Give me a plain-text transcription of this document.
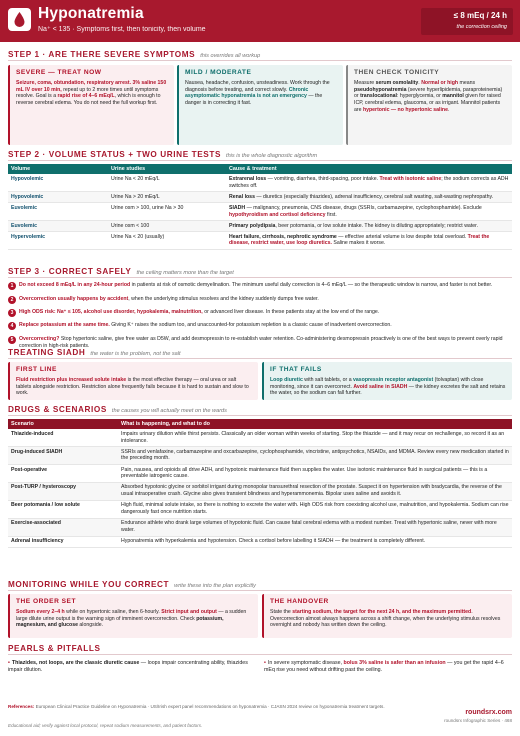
Hyponatremia
Na⁺ < 135 · Symptoms first, then tonicity, then volume
≤ 8 mEq / 24 h
the correction ceiling
STEP 1 · ARE THERE SEVERE SYMPTOMS this overrides all workup
SEVERE — TREAT NOW
Seizure, coma, obtundation, respiratory arrest. 3% saline 150 mL IV over 10 min, repeat up to 2 more times until symptoms resolve. Goal is a rapid rise of 4–6 mEq/L, which is enough to reverse cerebral edema. You do not need the full workup first.
MILD / MODERATE
Nausea, headache, confusion, unsteadiness. Work through the diagnosis before treating, and correct slowly. Chronic asymptomatic hyponatremia is not an emergency — the danger is in correcting it fast.
THEN CHECK TONICITY
Measure serum osmolality. Normal or high means pseudohyponatremia (severe hyperlipidemia, paraproteinemia) or translocational: hyperglycemia, or mannitol given for raised ICP, cerebral edema, glaucoma, or as irrigant. Mannitol patients are hypertonic — no hypertonic saline.
STEP 2 · VOLUME STATUS + TWO URINE TESTS this is the whole diagnostic algorithm
Volume	Urine studies	Cause & treatment
Hypovolemic	Urine Na < 20 mEq/L	Extrarenal loss — vomiting, diarrhea, third-spacing, poor intake. Treat with isotonic saline; the sodium corrects as ADH switches off.
Hypovolemic	Urine Na > 20 mEq/L	Renal loss — diuretics (especially thiazides), adrenal insufficiency, cerebral salt wasting, salt-wasting nephropathy.
Euvolemic	Urine osm > 100, urine Na > 30	SIADH — malignancy, pneumonia, CNS disease, drugs (SSRIs, carbamazepine, cyclophosphamide). Exclude hypothyroidism and cortisol deficiency first.
Euvolemic	Urine osm < 100	Primary polydipsia, beer potomania, or low solute intake. The kidney is diluting appropriately; restrict water.
Hypervolemic	Urine Na < 20 (usually)	Heart failure, cirrhosis, nephrotic syndrome — effective arterial volume is low despite total overload. Treat the disease, restrict water, use loop diuretics. Saline makes it worse.
STEP 3 · CORRECT SAFELY the ceiling matters more than the target
1	Do not exceed 8 mEq/L in any 24-hour period in patients at risk of osmotic demyelination. The minimum useful daily correction is 4–6 mEq/L — so the therapeutic window is narrow, and faster is not better.
2	Overcorrection usually happens by accident, when the underlying stimulus resolves and the kidney suddenly dumps free water.
3	High ODS risk: Na⁺ ≤ 105, alcohol use disorder, hypokalemia, malnutrition, or advanced liver disease. In these patients stay at the low end of the range.
4	Replace potassium at the same time. Giving K⁺ raises the sodium too, and unaccounted-for potassium repletion is a classic cause of inadvertent overcorrection.
5	Overcorrecting? Stop hypertonic saline, give free water as D5W, and add desmopressin to re-establish water retention. Co-administering desmopressin proactively is one of the best ways to prevent overly rapid correction in high-risk patients.
TREATING SIADH the water is the problem, not the salt
FIRST LINE
Fluid restriction plus increased solute intake is the most effective therapy — oral urea or salt tablets alongside restriction. Restriction alone frequently fails because it is hard to sustain and slow to work.
IF THAT FAILS
Loop diuretic with salt tablets, or a vasopressin receptor antagonist (tolvaptan) with close monitoring, since it can overcorrect. Avoid saline in SIADH — the kidney excretes the salt and retains the water, so the sodium can fall further.
DRUGS & SCENARIOS the causes you will actually meet on the wards
Scenario	What is happening, and what to do
Thiazide-induced	Impairs urinary dilution while thirst persists. Classically an older woman within weeks of starting. Stop the thiazide — and it may recur on rechallenge, so record it as an intolerance.
Drug-induced SIADH	SSRIs and venlafaxine, carbamazepine and oxcarbazepine, cyclophosphamide, vincristine, antipsychotics, NSAIDs, and MDMA. Review every new medication started in the preceding month.
Post-operative	Pain, nausea, and opioids all drive ADH, and hypotonic maintenance fluid then supplies the water. Use isotonic maintenance fluid in surgical patients — this is a preventable iatrogenic cause.
Post-TURP / hysteroscopy	Absorbed hypotonic glycine or sorbitol irrigant during monopolar transurethral resection of the prostate. Suspect it on hypertension with bradycardia, the reverse of the usual intraoperative crash. Glycine also gives transient blindness and hyperammonemia. Bipolar uses saline and avoids it.
Beer potomania / low solute	High fluid, minimal solute intake, so there is nothing to excrete the water with. High ODS risk from coexisting alcohol use, malnutrition, and hypokalemia. Sodium can rise dangerously fast once nutrition starts.
Exercise-associated	Endurance athlete who drank large volumes of hypotonic fluid. Can cause fatal cerebral edema with a modest number. Treat with hypertonic saline, never with more water.
Adrenal insufficiency	Hyponatremia with hyperkalemia and hypotension. Check a cortisol before labelling it SIADH — the treatment is completely different.
MONITORING WHILE YOU CORRECT write these into the plan explicitly
THE ORDER SET
Sodium every 2–4 h while on hypertonic saline, then 6-hourly. Strict input and output — a sudden large dilute urine output is the warning sign of imminent overcorrection. Check potassium, magnesium, and glucose alongside.
THE HANDOVER
State the starting sodium, the target for the next 24 h, and the maximum permitted. Overcorrection almost always happens across a shift change, when the underlying stimulus resolves overnight and nobody has written down the ceiling.
PEARLS & PITFALLS
• Thiazides, not loops, are the classic diuretic cause — loops impair concentrating ability, thiazides impair dilution.
• In severe symptomatic disease, bolus 3% saline is safer than an infusion — you get the rapid 4–6 mEq rise you need without drifting past the ceiling.
References: European Clinical Practice Guideline on Hyponatremia · US/Irish expert panel recommendations on hyponatremia · CJASN 2024 review on hyponatremia treatment targets.
Educational aid; verify against local protocol, repeat sodium measurements, and patient factors.
roundsrx.com
roundsrx Infographic Series · 468
